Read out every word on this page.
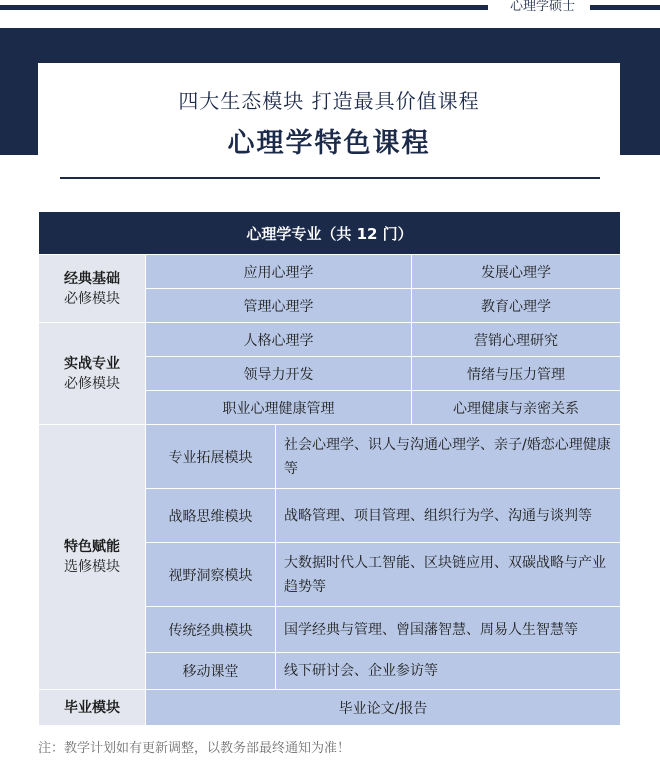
心理学硕士
四大生态模块 打造最具价值课程
心理学特色课程
心理学专业（共 12 门）			

经典基础
必修模块	应用心理学		发展心理学
	管理心理学		教育心理学

实战专业
必修模块	人格心理学		营销心理研究
	领导力开发		情绪与压力管理
	职业心理健康管理		心理健康与亲密关系

特色赋能
选修模块	专业拓展模块	社会心理学、识人与沟通心理学、亲子/婚恋心理健康等	
	战略思维模块	战略管理、项目管理、组织行为学、沟通与谈判等	
	视野洞察模块	大数据时代人工智能、区块链应用、双碳战略与产业趋势等	
	传统经典模块	国学经典与管理、曾国藩智慧、周易人生智慧等	
	移动课堂	线下研讨会、企业参访等	

毕业模块	毕业论文/报告		
注：教学计划如有更新调整，以教务部最终通知为准！
